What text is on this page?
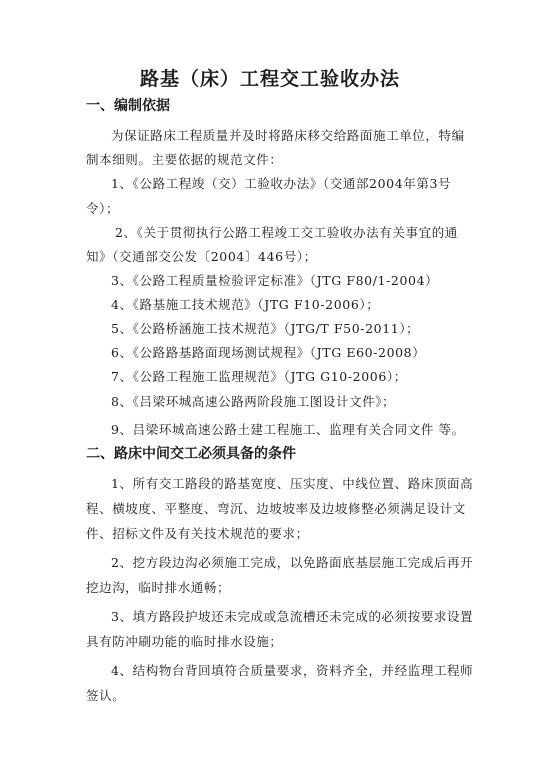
路基（床）工程交工验收办法
一、编制依据
为保证路床工程质量并及时将路床移交给路面施工单位，特编
制本细则。主要依据的规范文件：
1、《公路工程竣（交）工验收办法》（交通部2004年第3号
令）；
2、《关于贯彻执行公路工程竣工交工验收办法有关事宜的通
知》（交通部交公发〔2004〕446号）；
3、《公路工程质量检验评定标准》（JTG F80/1-2004）
4、《路基施工技术规范》（JTG F10-2006）；
5、《公路桥涵施工技术规范》（JTG/T F50-2011）；
6、《公路路基路面现场测试规程》（JTG E60-2008）
7、《公路工程施工监理规范》（JTG G10-2006）；
8、《吕梁环城高速公路两阶段施工图设计文件》；
9、吕梁环城高速公路土建工程施工、监理有关合同文件 等。
二、路床中间交工必须具备的条件
1、所有交工路段的路基宽度、压实度、中线位置、路床顶面高
程、横坡度、平整度、弯沉、边坡坡率及边坡修整必须满足设计文
件、招标文件及有关技术规范的要求；
2、挖方段边沟必须施工完成，以免路面底基层施工完成后再开
挖边沟，临时排水通畅；
3、填方路段护坡还未完成或急流槽还未完成的必须按要求设置
具有防冲刷功能的临时排水设施；
4、结构物台背回填符合质量要求，资料齐全，并经监理工程师
签认。
